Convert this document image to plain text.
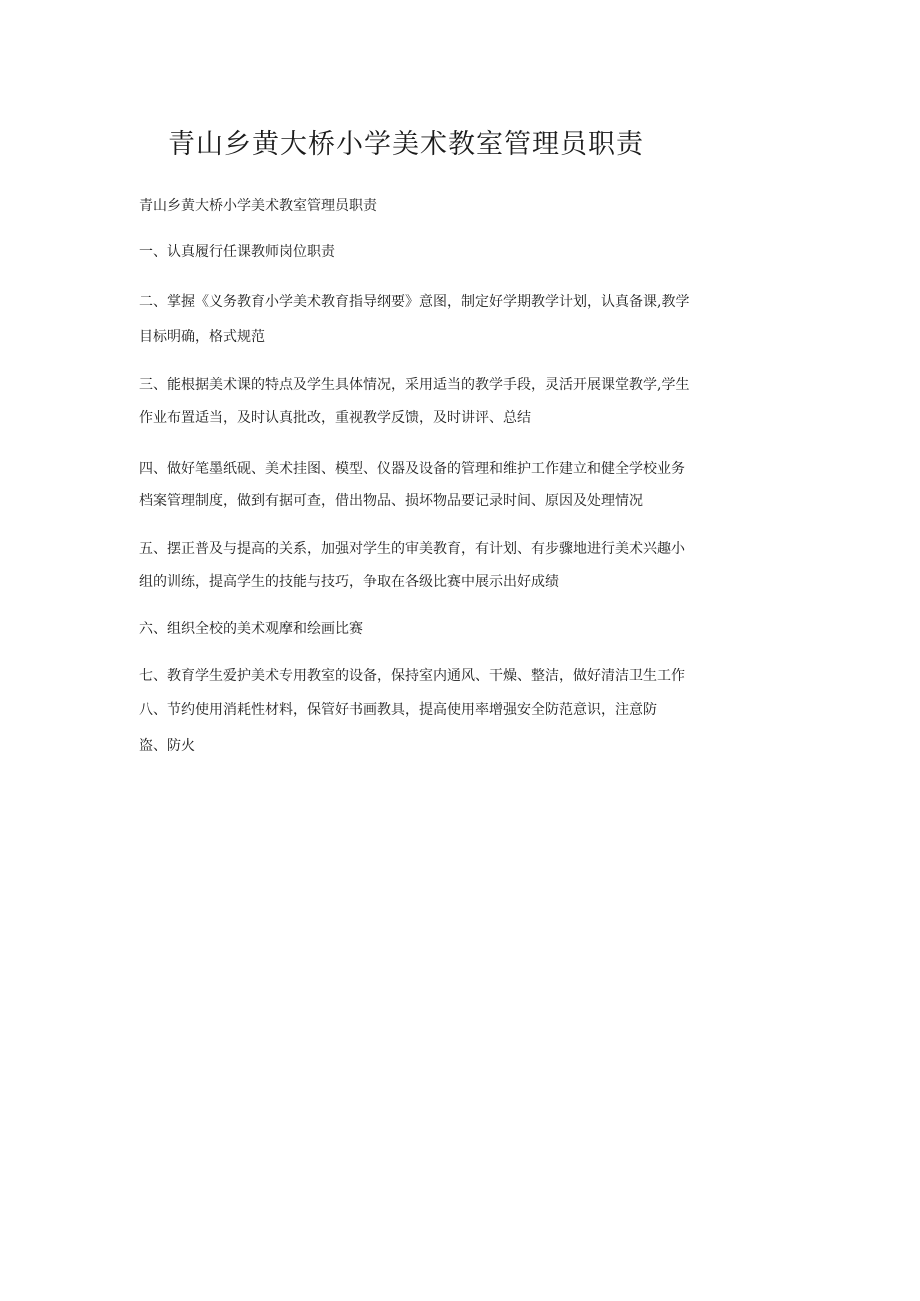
青山乡黄大桥小学美术教室管理员职责

青山乡黄大桥小学美术教室管理员职责

一、认真履行任课教师岗位职责

二、掌握《义务教育小学美术教育指导纲要》意图，制定好学期教学计划，认真备课,教学

目标明确，格式规范

三、能根据美术课的特点及学生具体情况，采用适当的教学手段，灵活开展课堂教学,学生

作业布置适当，及时认真批改，重视教学反馈，及时讲评、总结

四、做好笔墨纸砚、美术挂图、模型、仪器及设备的管理和维护工作建立和健全学校业务

档案管理制度，做到有据可查，借出物品、损坏物品要记录时间、原因及处理情况

五、摆正普及与提高的关系，加强对学生的审美教育，有计划、有步骤地进行美术兴趣小

组的训练，提高学生的技能与技巧，争取在各级比赛中展示出好成绩

六、组织全校的美术观摩和绘画比赛

七、教育学生爱护美术专用教室的设备，保持室内通风、干燥、整洁，做好清洁卫生工作

八、节约使用消耗性材料，保管好书画教具，提高使用率增强安全防范意识，注意防

盗、防火
